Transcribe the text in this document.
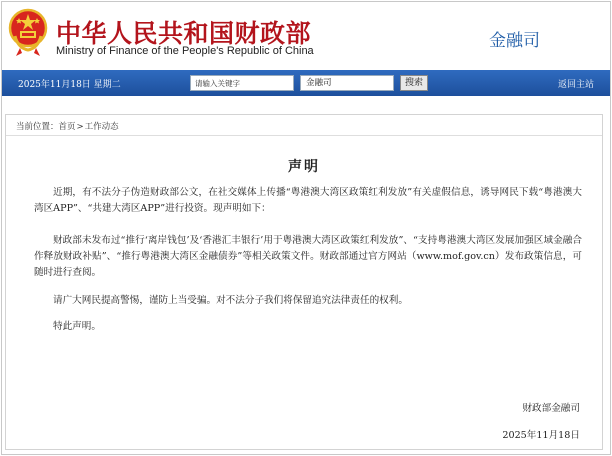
中华人民共和国财政部
Ministry of Finance of the People's Republic of China	金融司
2025年11月18日 星期二
请输入关键字	金融司	搜索	返回主站
当前位置：首页>工作动态
声明

近期，有不法分子伪造财政部公文，在社交媒体上传播“粤港澳大湾区政策红利发放”有关虚假信息，诱导网民下载“粤港澳大湾区APP”、“共建大湾区APP”进行投资。现声明如下：

财政部未发布过“推行‘离岸钱包’及‘香港汇丰银行’用于粤港澳大湾区政策红利发放”、“支持粤港澳大湾区发展加强区域金融合作释放财政补贴”、“推行粤港澳大湾区金融债券”等相关政策文件。财政部通过官方网站（www.mof.gov.cn）发布政策信息，可随时进行查阅。

请广大网民提高警惕，谨防上当受骗。对不法分子我们将保留追究法律责任的权利。

特此声明。

财政部金融司
2025年11月18日
